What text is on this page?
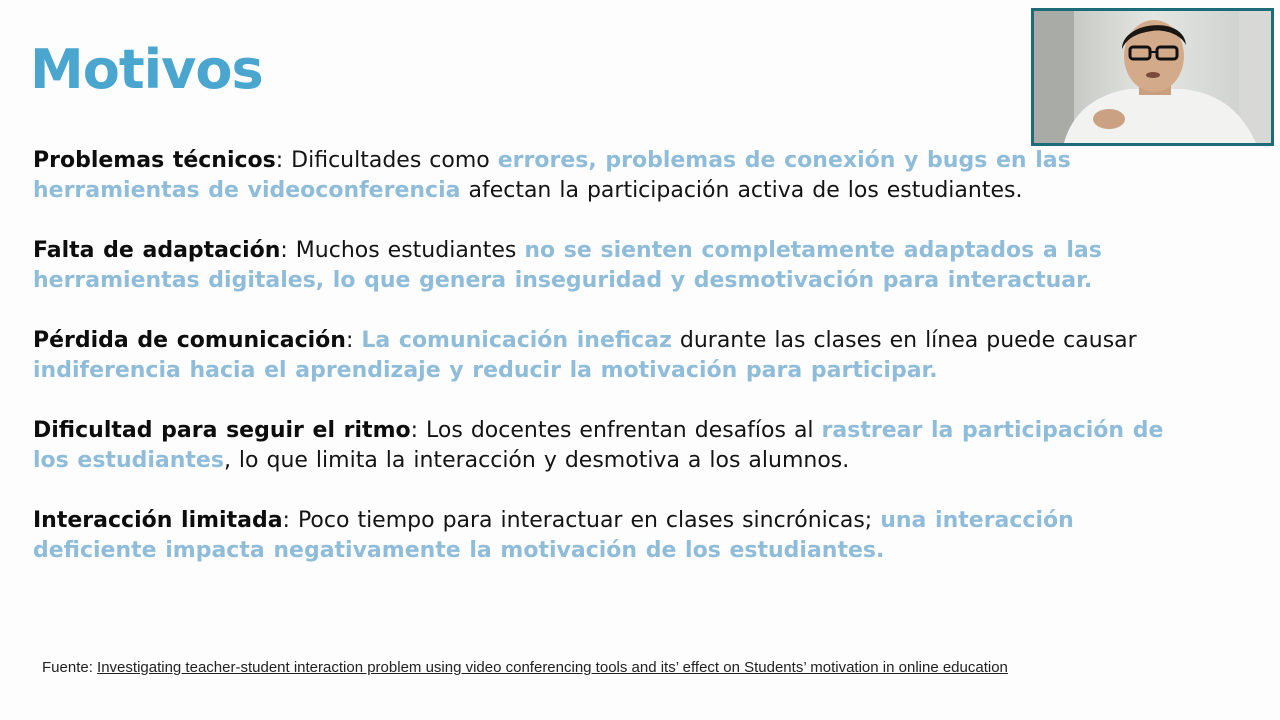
Motivos

Problemas técnicos: Dificultades como errores, problemas de conexión y bugs en las herramientas de videoconferencia afectan la participación activa de los estudiantes.

Falta de adaptación: Muchos estudiantes no se sienten completamente adaptados a las herramientas digitales, lo que genera inseguridad y desmotivación para interactuar.

Pérdida de comunicación: La comunicación ineficaz durante las clases en línea puede causar indiferencia hacia el aprendizaje y reducir la motivación para participar.

Dificultad para seguir el ritmo: Los docentes enfrentan desafíos al rastrear la participación de los estudiantes, lo que limita la interacción y desmotiva a los alumnos.

Interacción limitada: Poco tiempo para interactuar en clases sincrónicas; una interacción deficiente impacta negativamente la motivación de los estudiantes.

Fuente: Investigating teacher-student interaction problem using video conferencing tools and its’ effect on Students’ motivation in online education
